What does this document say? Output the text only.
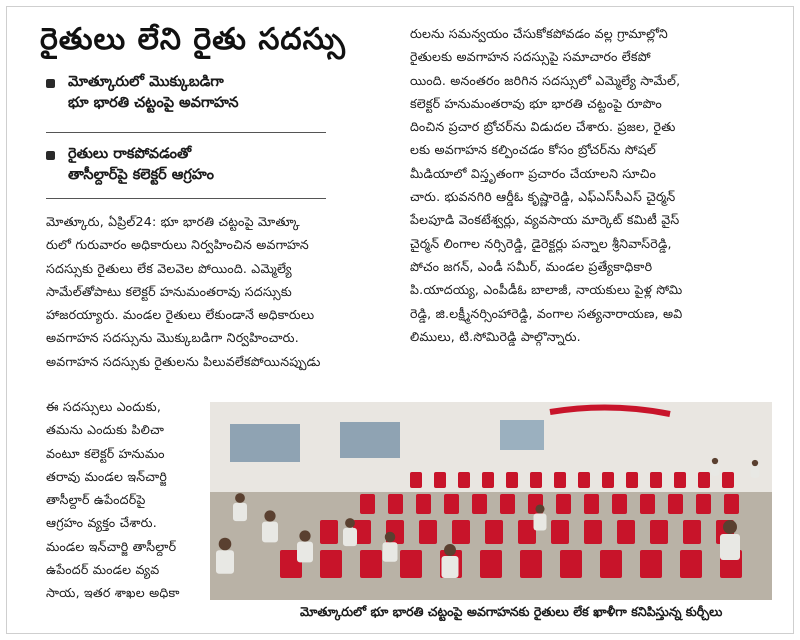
రైతులు లేని రైతు సదస్సు
మోత్కూరులో మొక్కుబడిగా
భూ భారతి చట్టంపై అవగాహన
రైతులు రాకపోవడంతో
తాసీల్దార్‌పై కలెక్టర్ ఆగ్రహం
మోత్కూరు, ఏప్రిల్24: భూ భారతి చట్టంపై మోత్కూ
రులో గురువారం అధికారులు నిర్వహించిన అవగాహన
సదస్సుకు రైతులు లేక వెలవెల పోయింది. ఎమ్మెల్యే
సామేల్‌తోపాటు కలెక్టర్ హనుమంతరావు సదస్సుకు
హాజరయ్యారు. మండల రైతులు లేకుండానే అధికారులు
అవగాహన సదస్సును మొక్కుబడిగా నిర్వహించారు.
అవగాహన సదస్సుకు రైతులను పిలువలేకపోయినప్పుడు
ఈ సదస్సులు ఎందుకు,
తమను ఎందుకు పిలిచా
వంటూ కలెక్టర్ హనుమం
తరావు మండల ఇన్‌చార్జి
తాసీల్దార్ ఉపేందర్‌పై
ఆగ్రహం వ్యక్తం చేశారు.
మండల ఇన్‌చార్జి తాసీల్దార్
ఉపేందర్ మండల వ్యవ
సాయ, ఇతర శాఖల అధికా
రులను సమన్వయం చేసుకోకపోవడం వల్ల గ్రామాల్లోని
రైతులకు అవగాహన సదస్సుపై సమాచారం లేకపో
యింది. అనంతరం జరిగిన సదస్సులో ఎమ్మెల్యే సామేల్,
కలెక్టర్ హనుమంతరావు భూ భారతి చట్టంపై రూపొం
దించిన ప్రచార బ్రోచర్‌ను విడుదల చేశారు. ప్రజల, రైతు
లకు అవగాహన కల్పించడం కోసం బ్రోచర్‌ను సోషల్
మీడియాలో విస్తృతంగా ప్రచారం చేయాలని సూచిం
చారు. భువనగిరి ఆర్డీఓ కృష్ణారెడ్డి, ఎఫ్‌ఎస్‌సీఎస్ చైర్మన్
పేలపూడి వెంకటేశ్వర్లు, వ్యవసాయ మార్కెట్ కమిటీ వైస్
చైర్మన్ లింగాల నర్సిరెడ్డి, డైరెక్టర్లు పన్నాల శ్రీనివాస్‌రెడ్డి,
పోచం జగన్, ఎండీ సమీర్, మండల ప్రత్యేకాధికారి
పి.యాదయ్య, ఎంపీడీఓ బాలాజీ, నాయకులు పైళ్ల సోమి
రెడ్డి, జి.లక్ష్మీనర్సింహారెడ్డి, వంగాల సత్యనారాయణ, అవి
లిములు, టి.సోమిరెడ్డి పాల్గొన్నారు.
మోత్కూరులో భూ భారతి చట్టంపై అవగాహనకు రైతులు లేక ఖాళీగా కనిపిస్తున్న కుర్చీలు
